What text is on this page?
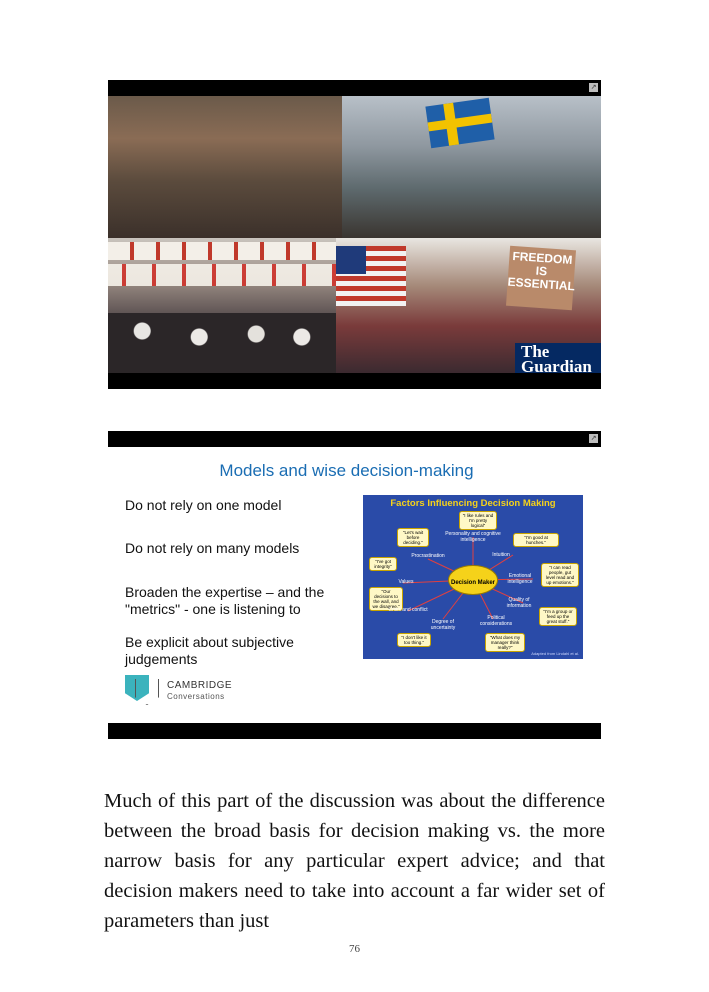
↗
FREEDOM IS ESSENTIAL
The Guardian
↗
Models and wise decision-making
Do not rely on one model
Do not rely on many models
Broaden the expertise – and the "metrics" - one is listening to
Be explicit about subjective judgements
CAMBRIDGE
Conversations
Factors Influencing Decision Making
"I like rules and I'm pretty logical"
"Let's wait before deciding."
"I'm good at hunches."
"I've got integrity"	"I can read people, gut level read and up emotions."
"Our decisions to the wall, and we disagree."
"I'm a group or feed up the great stuff."
"I don't like it too thing."
"What does my manager think really?"
Personality and cognitive intelligence
Intuition
Procrastination
Emotional intelligence
Quality of information
Political considerations
Degree of uncertainty
Crisis and conflict
Values	Decision Maker
Adapted from Lindahl et al.
Much of this part of the discussion was about the difference between the broad basis for decision making vs. the more narrow basis for any particular expert advice; and that decision makers need to take into account a far wider set of parameters than just
76
